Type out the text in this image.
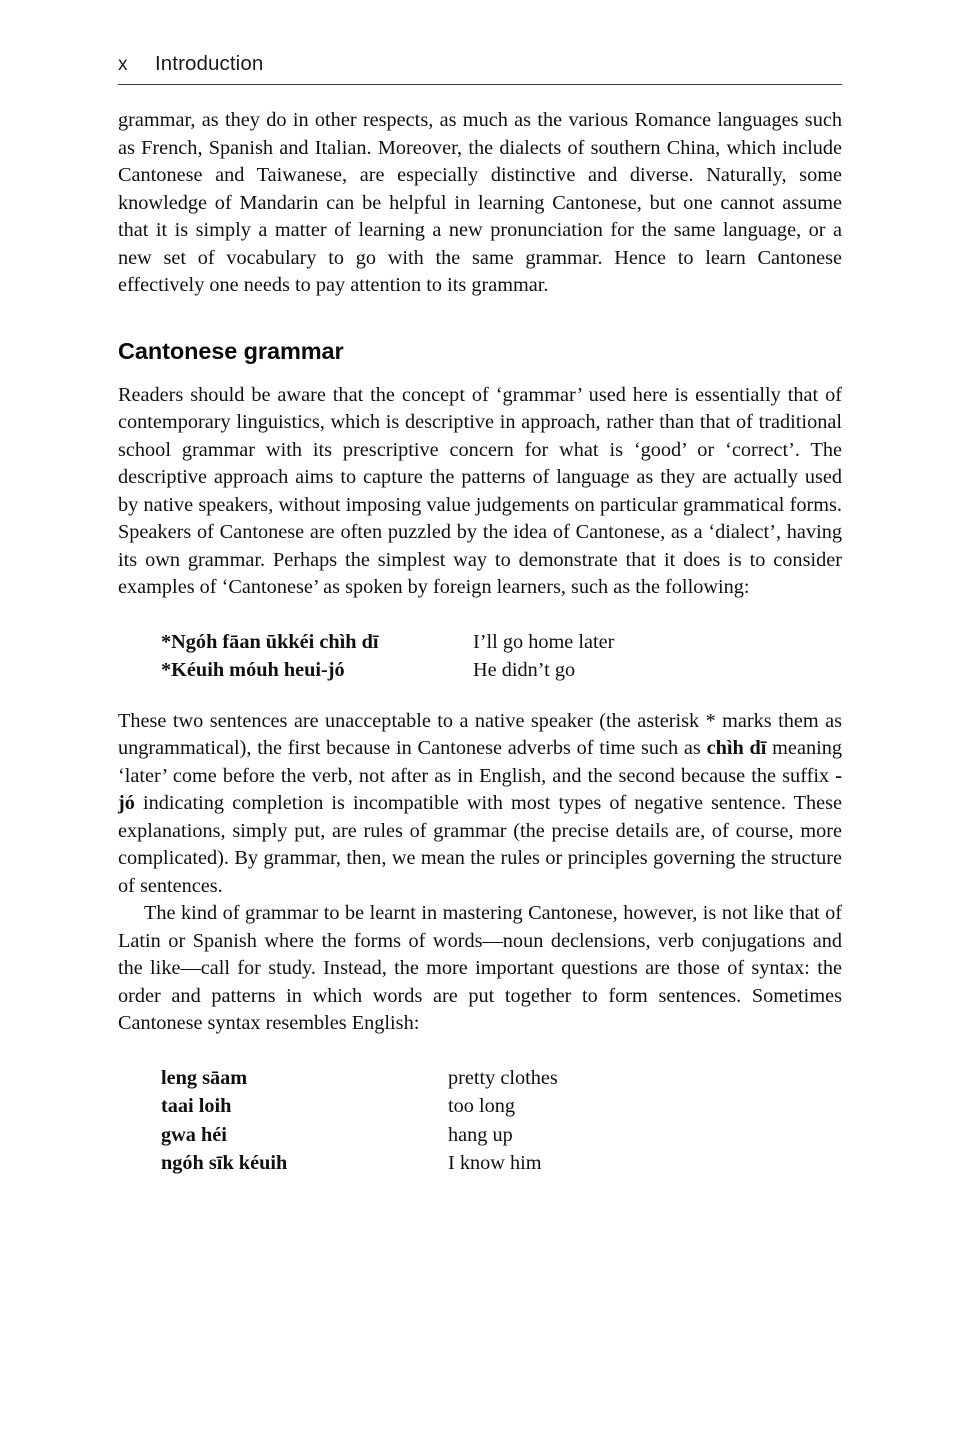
x	Introduction

grammar, as they do in other respects, as much as the various Romance languages such as French, Spanish and Italian. Moreover, the dialects of southern China, which include Cantonese and Taiwanese, are especially distinctive and diverse. Naturally, some knowledge of Mandarin can be helpful in learning Cantonese, but one cannot assume that it is simply a matter of learning a new pronunciation for the same language, or a new set of vocabulary to go with the same grammar. Hence to learn Cantonese effectively one needs to pay attention to its grammar.

Cantonese grammar

Readers should be aware that the concept of ‘grammar’ used here is essentially that of contemporary linguistics, which is descriptive in approach, rather than that of traditional school grammar with its prescriptive concern for what is ‘good’ or ‘correct’. The descriptive approach aims to capture the patterns of language as they are actually used by native speakers, without imposing value judgements on particular grammatical forms. Speakers of Cantonese are often puzzled by the idea of Cantonese, as a ‘dialect’, having its own grammar. Perhaps the simplest way to demonstrate that it does is to consider examples of ‘Cantonese’ as spoken by foreign learners, such as the following:

*Ngóh fāan ūkkéi chìh dī	I’ll go home later
*Kéuih móuh heui-jó	He didn’t go

These two sentences are unacceptable to a native speaker (the asterisk * marks them as ungrammatical), the first because in Cantonese adverbs of time such as chìh dī meaning ‘later’ come before the verb, not after as in English, and the second because the suffix -jó indicating completion is incompatible with most types of negative sentence. These explanations, simply put, are rules of grammar (the precise details are, of course, more complicated). By grammar, then, we mean the rules or principles governing the structure of sentences.

The kind of grammar to be learnt in mastering Cantonese, however, is not like that of Latin or Spanish where the forms of words—noun declensions, verb conjugations and the like—call for study. Instead, the more important questions are those of syntax: the order and patterns in which words are put together to form sentences. Sometimes Cantonese syntax resembles English:

leng sāam	pretty clothes
taai loih	too long
gwa héi	hang up
ngóh sīk kéuih	I know him
